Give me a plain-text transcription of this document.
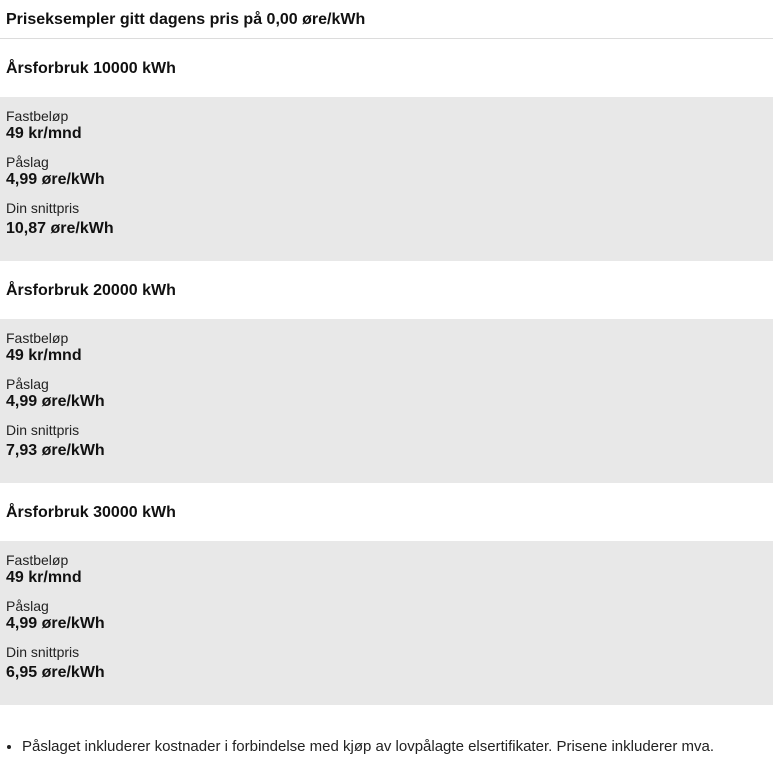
Priseksempler gitt dagens pris på 0,00 øre/kWh
Årsforbruk 10000 kWh
Fastbeløp
49 kr/mnd
Påslag
4,99 øre/kWh
Din snittpris
10,87 øre/kWh
Årsforbruk 20000 kWh
Fastbeløp
49 kr/mnd
Påslag
4,99 øre/kWh
Din snittpris
7,93 øre/kWh
Årsforbruk 30000 kWh
Fastbeløp
49 kr/mnd
Påslag
4,99 øre/kWh
Din snittpris
6,95 øre/kWh
• Påslaget inkluderer kostnader i forbindelse med kjøp av lovpålagte elsertifikater. Prisene inkluderer mva.
